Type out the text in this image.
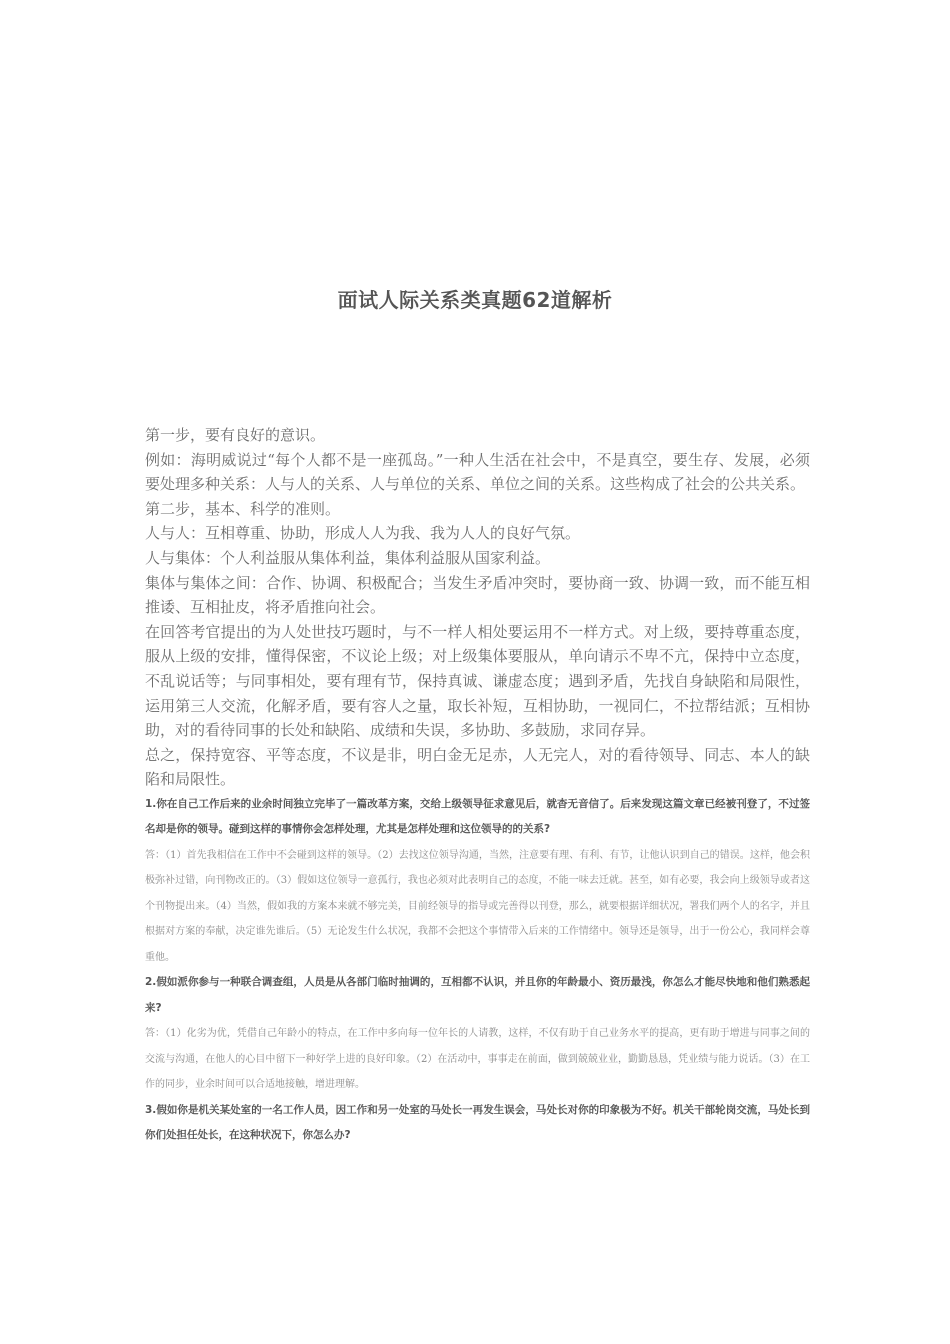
面试人际关系类真题62道解析

第一步，要有良好的意识。

例如：海明威说过“每个人都不是一座孤岛。”一种人生活在社会中，不是真空，要生存、发展，必须要处理多种关系：人与人的关系、人与单位的关系、单位之间的关系。这些构成了社会的公共关系。

第二步，基本、科学的准则。

人与人：互相尊重、协助，形成人人为我、我为人人的良好气氛。

人与集体：个人利益服从集体利益，集体利益服从国家利益。

集体与集体之间：合作、协调、积极配合；当发生矛盾冲突时，要协商一致、协调一致，而不能互相推诿、互相扯皮，将矛盾推向社会。

在回答考官提出的为人处世技巧题时，与不一样人相处要运用不一样方式。对上级，要持尊重态度，服从上级的安排，懂得保密，不议论上级；对上级集体要服从，单向请示不卑不亢，保持中立态度，不乱说话等；与同事相处，要有理有节，保持真诚、谦虚态度；遇到矛盾，先找自身缺陷和局限性，运用第三人交流，化解矛盾，要有容人之量，取长补短，互相协助，一视同仁，不拉帮结派；互相协助，对的看待同事的长处和缺陷、成绩和失误，多协助、多鼓励，求同存异。

总之，保持宽容、平等态度，不议是非，明白金无足赤，人无完人，对的看待领导、同志、本人的缺陷和局限性。

1.你在自己工作后来的业余时间独立完毕了一篇改革方案，交给上级领导征求意见后，就杳无音信了。后来发现这篇文章已经被刊登了，不过签名却是你的领导。碰到这样的事情你会怎样处理，尤其是怎样处理和这位领导的的关系?

答：（1）首先我相信在工作中不会碰到这样的领导。（2）去找这位领导沟通，当然，注意要有理、有利、有节，让他认识到自己的错误。这样，他会积极弥补过错，向刊物改正的。（3）假如这位领导一意孤行，我也必须对此表明自己的态度，不能一味去迁就。甚至，如有必要，我会向上级领导或者这个刊物提出来。（4）当然，假如我的方案本来就不够完美，目前经领导的指导或完善得以刊登，那么，就要根据详细状况，署我们两个人的名字，并且根据对方案的奉献，决定谁先谁后。（5）无论发生什么状况，我都不会把这个事情带入后来的工作情绪中。领导还是领导，出于一份公心，我同样会尊重他。

2.假如派你参与一种联合调查组，人员是从各部门临时抽调的，互相都不认识，并且你的年龄最小、资历最浅，你怎么才能尽快地和他们熟悉起来?

答：（1）化劣为优，凭借自己年龄小的特点，在工作中多向每一位年长的人请教，这样，不仅有助于自己业务水平的提高，更有助于增进与同事之间的交流与沟通，在他人的心目中留下一种好学上进的良好印象。（2）在活动中，事事走在前面，做到兢兢业业，勤勤恳恳，凭业绩与能力说话。（3）在工作的同步，业余时间可以合适地接触，增进理解。

3.假如你是机关某处室的一名工作人员，因工作和另一处室的马处长一再发生误会，马处长对你的印象极为不好。机关干部轮岗交流，马处长到你们处担任处长，在这种状况下，你怎么办?
